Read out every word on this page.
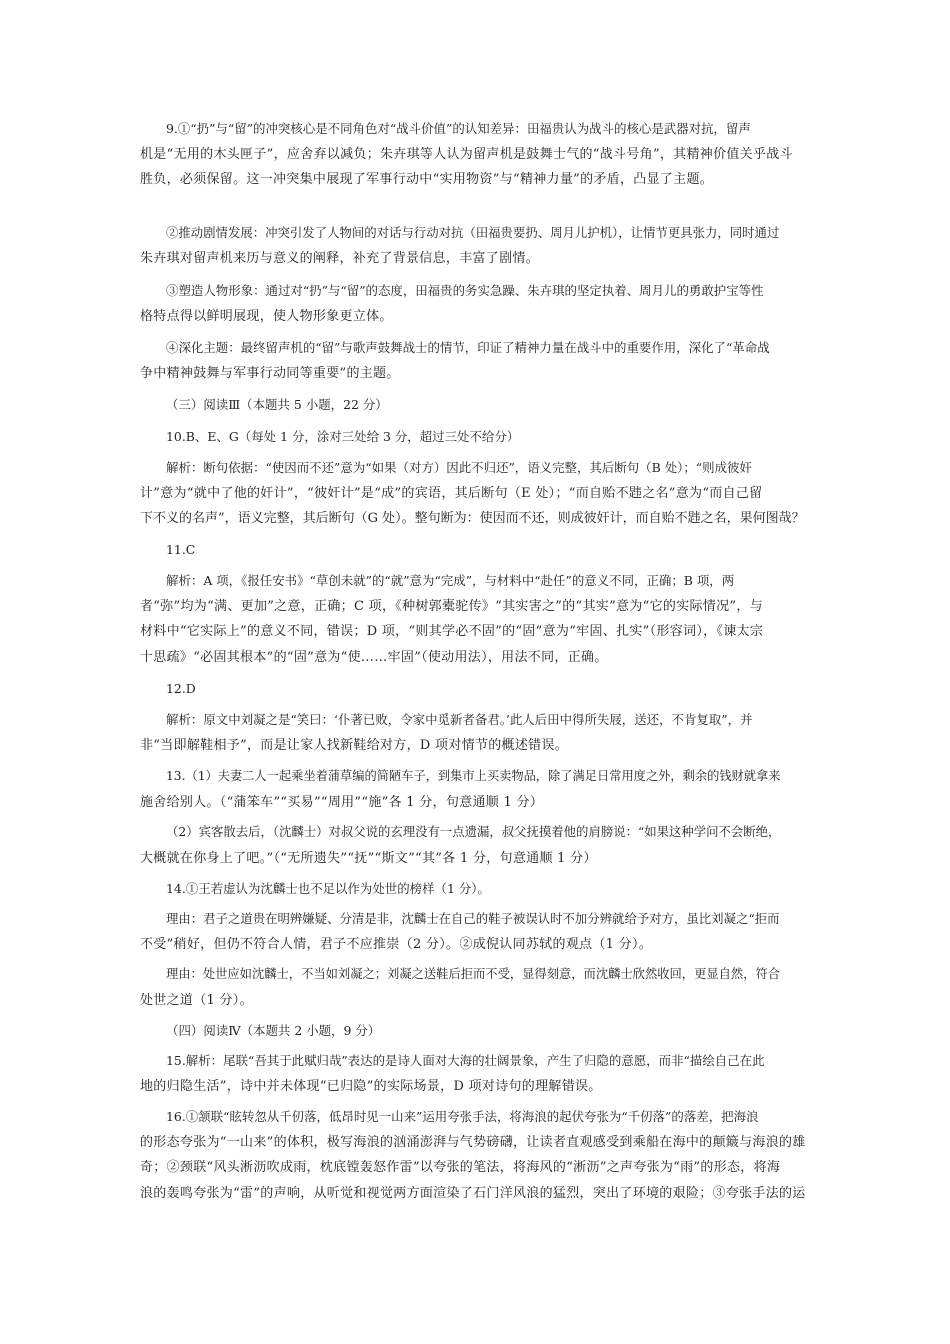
9.①“扔”与“留”的冲突核心是不同角色对“战斗价值”的认知差异：田福贵认为战斗的核心是武器对抗，留声
机是“无用的木头匣子”，应舍弃以减负；朱卉琪等人认为留声机是鼓舞士气的“战斗号角”，其精神价值关乎战斗
胜负，必须保留。这一冲突集中展现了军事行动中“实用物资”与“精神力量”的矛盾，凸显了主题。
②推动剧情发展：冲突引发了人物间的对话与行动对抗（田福贵要扔、周月儿护机），让情节更具张力，同时通过
朱卉琪对留声机来历与意义的阐释，补充了背景信息，丰富了剧情。
③塑造人物形象：通过对“扔”与“留”的态度，田福贵的务实急躁、朱卉琪的坚定执着、周月儿的勇敢护宝等性
格特点得以鲜明展现，使人物形象更立体。
④深化主题：最终留声机的“留”与歌声鼓舞战士的情节，印证了精神力量在战斗中的重要作用，深化了“革命战
争中精神鼓舞与军事行动同等重要”的主题。
（三）阅读Ⅲ（本题共 5 小题，22 分）
10.B、E、G（每处 1 分，涂对三处给 3 分，超过三处不给分）
解析：断句依据：“使因而不还”意为“如果（对方）因此不归还”，语义完整，其后断句（B 处）；“则成彼奸
计”意为“就中了他的奸计”，“彼奸计”是“成”的宾语，其后断句（E 处）；“而自贻不韪之名”意为“而自己留
下不义的名声”，语义完整，其后断句（G 处）。整句断为：使因而不还，则成彼奸计，而自贻不韪之名，果何图哉？
11.C
解析：A 项，《报任安书》“草创未就”的“就”意为“完成”，与材料中“赴任”的意义不同，正确；B 项，两
者“弥”均为“满、更加”之意，正确；C 项，《种树郭橐驼传》“其实害之”的“其实”意为“它的实际情况”，与
材料中“它实际上”的意义不同，错误；D 项，“则其学必不固”的“固”意为“牢固、扎实”（形容词），《谏太宗
十思疏》“必固其根本”的“固”意为“使……牢固”（使动用法），用法不同，正确。
12.D
解析：原文中刘凝之是“笑曰：‘仆著已败，令家中觅新者备君。’此人后田中得所失屐，送还，不肯复取”，并
非“当即解鞋相予”，而是让家人找新鞋给对方，D 项对情节的概述错误。
13.（1）夫妻二人一起乘坐着蒲草编的简陋车子，到集市上买卖物品，除了满足日常用度之外，剩余的钱财就拿来
施舍给别人。（“蒲笨车”“买易”“周用”“施”各 1 分，句意通顺 1 分）
（2）宾客散去后，（沈麟士）对叔父说的玄理没有一点遗漏，叔父抚摸着他的肩膀说：“如果这种学问不会断绝，
大概就在你身上了吧。”（“无所遗失”“抚”“斯文”“其”各 1 分，句意通顺 1 分）
14.①王若虚认为沈麟士也不足以作为处世的榜样（1 分）。
理由：君子之道贵在明辨嫌疑、分清是非，沈麟士在自己的鞋子被误认时不加分辨就给予对方，虽比刘凝之“拒而
不受”稍好，但仍不符合人情，君子不应推崇（2 分）。②成倪认同苏轼的观点（1 分）。
理由：处世应如沈麟士，不当如刘凝之；刘凝之送鞋后拒而不受，显得刻意，而沈麟士欣然收回，更显自然，符合
处世之道（1 分）。
（四）阅读Ⅳ（本题共 2 小题，9 分）
15.解析：尾联“吾其于此赋归哉”表达的是诗人面对大海的壮阔景象，产生了归隐的意愿，而非“描绘自己在此
地的归隐生活”，诗中并未体现“已归隐”的实际场景，D 项对诗句的理解错误。
16.①颔联“眩转忽从千仞落，低昂时见一山来”运用夸张手法，将海浪的起伏夸张为“千仞落”的落差，把海浪
的形态夸张为“一山来”的体积，极写海浪的汹涌澎湃与气势磅礴，让读者直观感受到乘船在海中的颠簸与海浪的雄
奇；②颈联“风头淅沥吹成雨，枕底镗轰怒作雷”以夸张的笔法，将海风的“淅沥”之声夸张为“雨”的形态，将海
浪的轰鸣夸张为“雷”的声响，从听觉和视觉两方面渲染了石门洋风浪的猛烈，突出了环境的艰险；③夸张手法的运
